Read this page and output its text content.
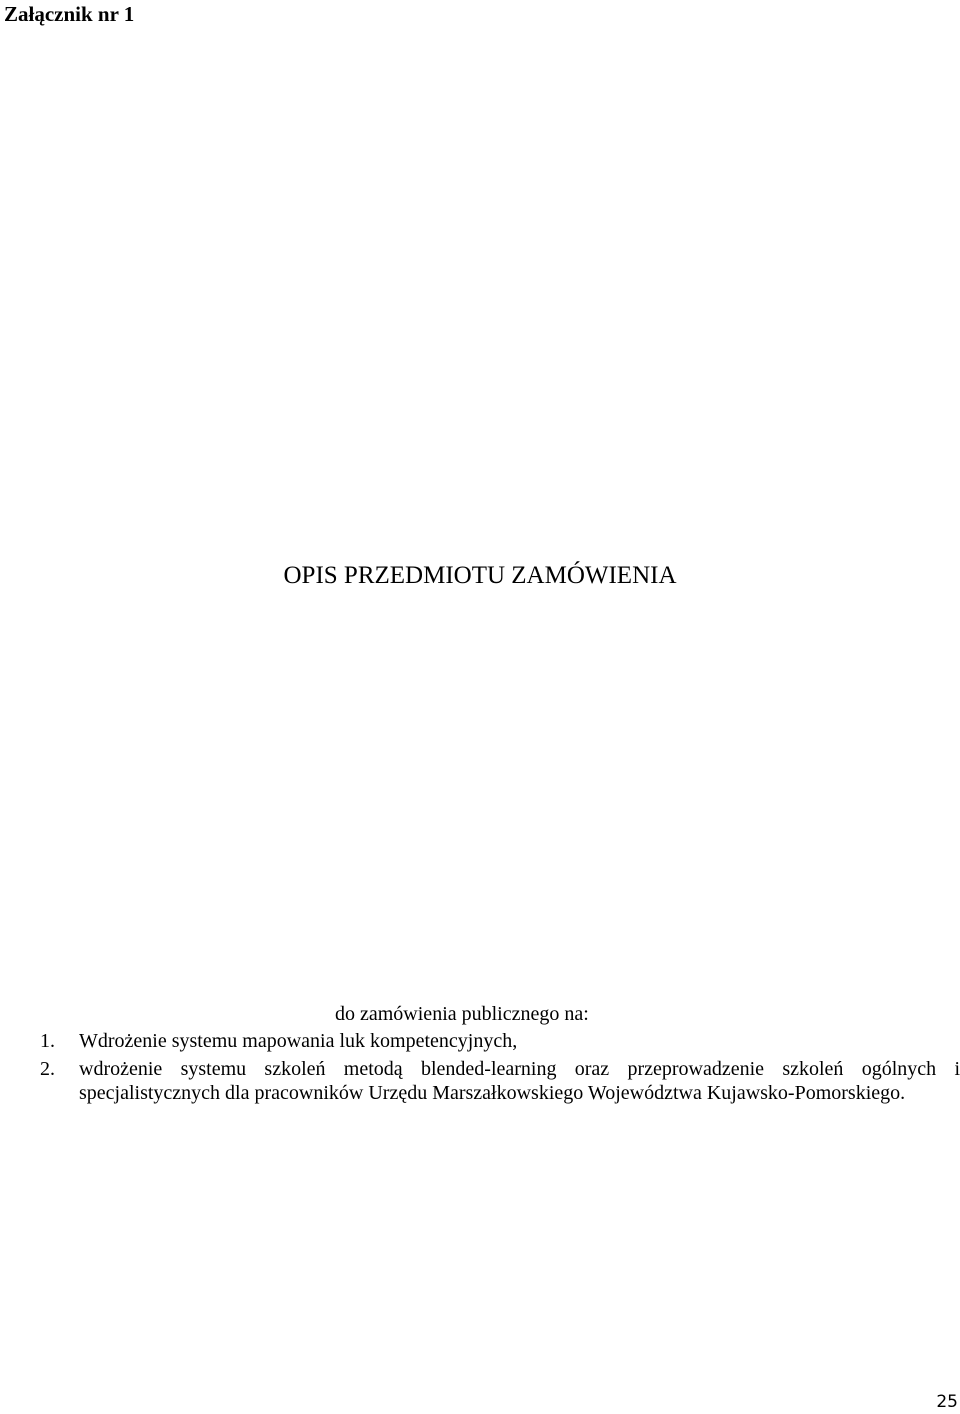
Załącznik nr 1
OPIS PRZEDMIOTU ZAMÓWIENIA
do zamówienia publicznego na:
1. Wdrożenie systemu mapowania luk kompetencyjnych,
2. wdrożenie systemu szkoleń metodą blended-learning oraz przeprowadzenie szkoleń ogólnych i specjalistycznych dla pracowników Urzędu Marszałkowskiego Województwa Kujawsko-Pomorskiego.
25
